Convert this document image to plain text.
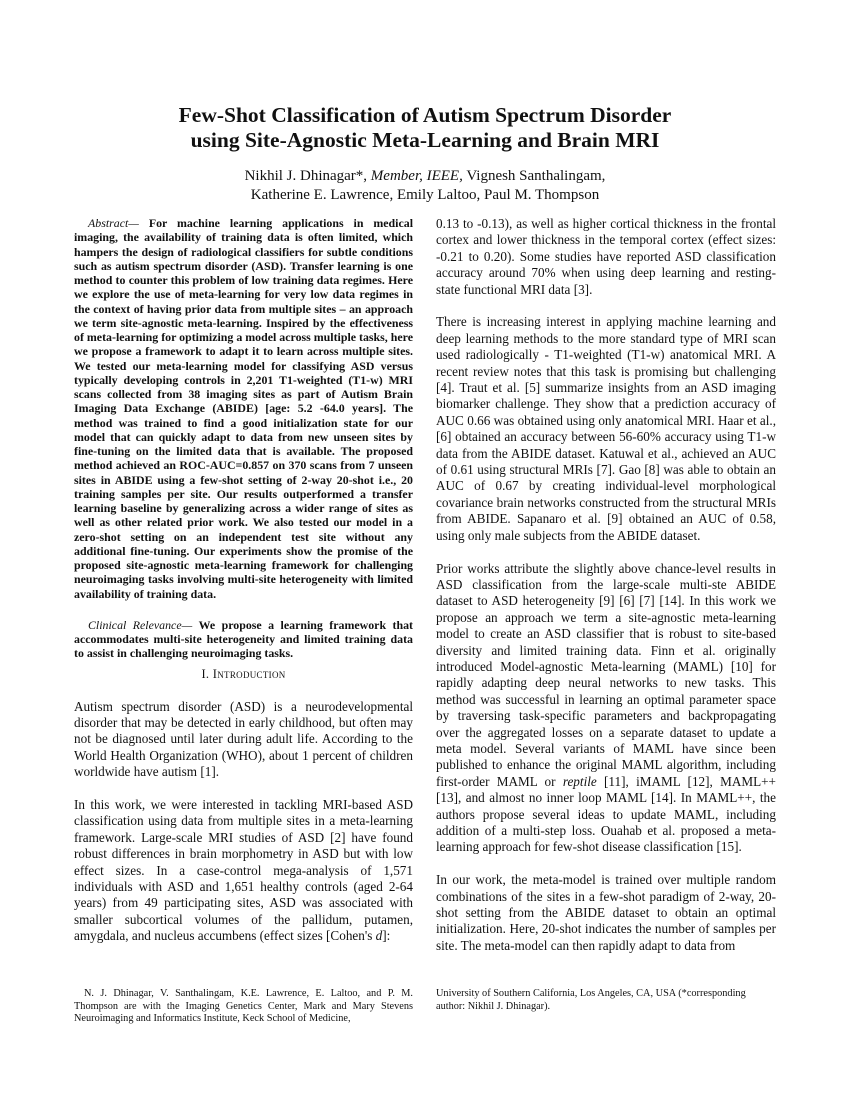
Few-Shot Classification of Autism Spectrum Disorder
using Site-Agnostic Meta-Learning and Brain MRI
Nikhil J. Dhinagar*, Member, IEEE, Vignesh Santhalingam,
Katherine E. Lawrence, Emily Laltoo, Paul M. Thompson

Abstract— For machine learning applications in medical imaging, the availability of training data is often limited, which hampers the design of radiological classifiers for subtle conditions such as autism spectrum disorder (ASD). Transfer learning is one method to counter this problem of low training data regimes. Here we explore the use of meta-learning for very low data regimes in the context of having prior data from multiple sites – an approach we term site-agnostic meta-learning. Inspired by the effectiveness of meta-learning for optimizing a model across multiple tasks, here we propose a framework to adapt it to learn across multiple sites. We tested our meta-learning model for classifying ASD versus typically developing controls in 2,201 T1-weighted (T1-w) MRI scans collected from 38 imaging sites as part of Autism Brain Imaging Data Exchange (ABIDE) [age: 5.2 -64.0 years]. The method was trained to find a good initialization state for our model that can quickly adapt to data from new unseen sites by fine-tuning on the limited data that is available. The proposed method achieved an ROC-AUC=0.857 on 370 scans from 7 unseen sites in ABIDE using a few-shot setting of 2-way 20-shot i.e., 20 training samples per site. Our results outperformed a transfer learning baseline by generalizing across a wider range of sites as well as other related prior work. We also tested our model in a zero-shot setting on an independent test site without any additional fine-tuning. Our experiments show the promise of the proposed site-agnostic meta-learning framework for challenging neuroimaging tasks involving multi-site heterogeneity with limited availability of training data.

Clinical Relevance— We propose a learning framework that accommodates multi-site heterogeneity and limited training data to assist in challenging neuroimaging tasks.

I. Introduction

Autism spectrum disorder (ASD) is a neurodevelopmental disorder that may be detected in early childhood, but often may not be diagnosed until later during adult life. According to the World Health Organization (WHO), about 1 percent of children worldwide have autism [1].

In this work, we were interested in tackling MRI-based ASD classification using data from multiple sites in a meta-learning framework. Large-scale MRI studies of ASD [2] have found robust differences in brain morphometry in ASD but with low effect sizes. In a case-control mega-analysis of 1,571 individuals with ASD and 1,651 healthy controls (aged 2-64 years) from 49 participating sites, ASD was associated with smaller subcortical volumes of the pallidum, putamen, amygdala, and nucleus accumbens (effect sizes [Cohen's d]:

0.13 to -0.13), as well as higher cortical thickness in the frontal cortex and lower thickness in the temporal cortex (effect sizes: -0.21 to 0.20). Some studies have reported ASD classification accuracy around 70% when using deep learning and resting-state functional MRI data [3].

There is increasing interest in applying machine learning and deep learning methods to the more standard type of MRI scan used radiologically - T1-weighted (T1-w) anatomical MRI. A recent review notes that this task is promising but challenging [4]. Traut et al. [5] summarize insights from an ASD imaging biomarker challenge. They show that a prediction accuracy of AUC 0.66 was obtained using only anatomical MRI. Haar et al., [6] obtained an accuracy between 56-60% accuracy using T1-w data from the ABIDE dataset. Katuwal et al., achieved an AUC of 0.61 using structural MRIs [7]. Gao [8] was able to obtain an AUC of 0.67 by creating individual-level morphological covariance brain networks constructed from the structural MRIs from ABIDE. Sapanaro et al. [9] obtained an AUC of 0.58, using only male subjects from the ABIDE dataset.

Prior works attribute the slightly above chance-level results in ASD classification from the large-scale multi-ste ABIDE dataset to ASD heterogeneity [9] [6] [7] [14]. In this work we propose an approach we term a site-agnostic meta-learning model to create an ASD classifier that is robust to site-based diversity and limited training data. Finn et al. originally introduced Model-agnostic Meta-learning (MAML) [10] for rapidly adapting deep neural networks to new tasks. This method was successful in learning an optimal parameter space by traversing task-specific parameters and backpropagating over the aggregated losses on a separate dataset to update a meta model. Several variants of MAML have since been published to enhance the original MAML algorithm, including first-order MAML or reptile [11], iMAML [12], MAML++ [13], and almost no inner loop MAML [14]. In MAML++, the authors propose several ideas to update MAML, including addition of a multi-step loss. Ouahab et al. proposed a meta-learning approach for few-shot disease classification [15].

In our work, the meta-model is trained over multiple random combinations of the sites in a few-shot paradigm of 2-way, 20-shot setting from the ABIDE dataset to obtain an optimal initialization. Here, 20-shot indicates the number of samples per site. The meta-model can then rapidly adapt to data from

N. J. Dhinagar, V. Santhalingam, K.E. Lawrence, E. Laltoo, and P. M. Thompson are with the Imaging Genetics Center, Mark and Mary Stevens Neuroimaging and Informatics Institute, Keck School of Medicine,
University of Southern California, Los Angeles, CA, USA (*corresponding author: Nikhil J. Dhinagar).
